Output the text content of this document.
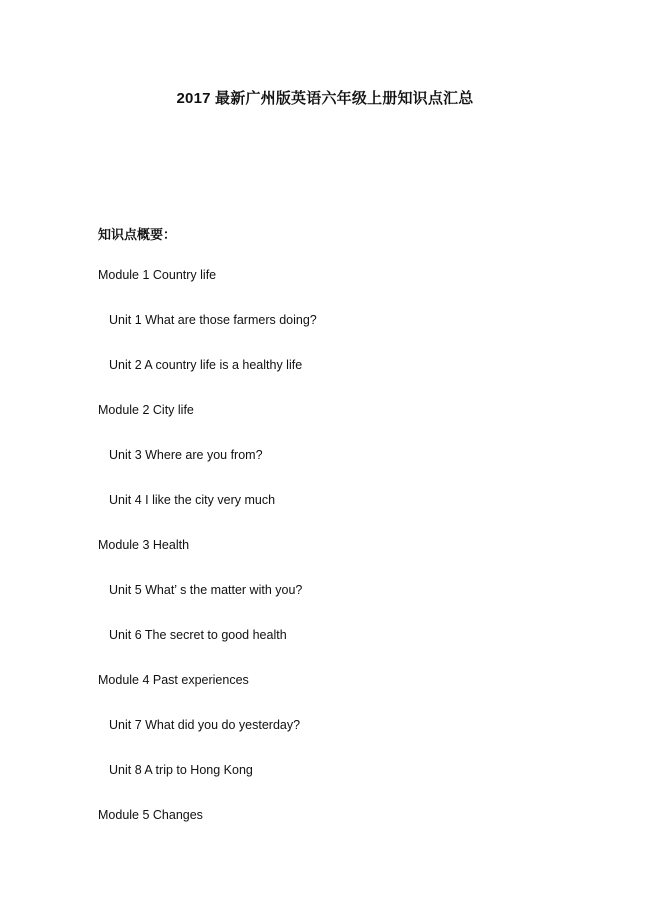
2017 最新广州版英语六年级上册知识点汇总
知识点概要：
Module 1 Country life
Unit 1 What are those farmers doing?
Unit 2 A country life is a healthy life
Module 2 City life
Unit 3 Where are you from?
Unit 4 I like the city very much
Module 3 Health
Unit 5 What’ s the matter with you?
Unit 6 The secret to good health
Module 4 Past experiences
Unit 7 What did you do yesterday?
Unit 8 A trip to Hong Kong
Module 5 Changes
